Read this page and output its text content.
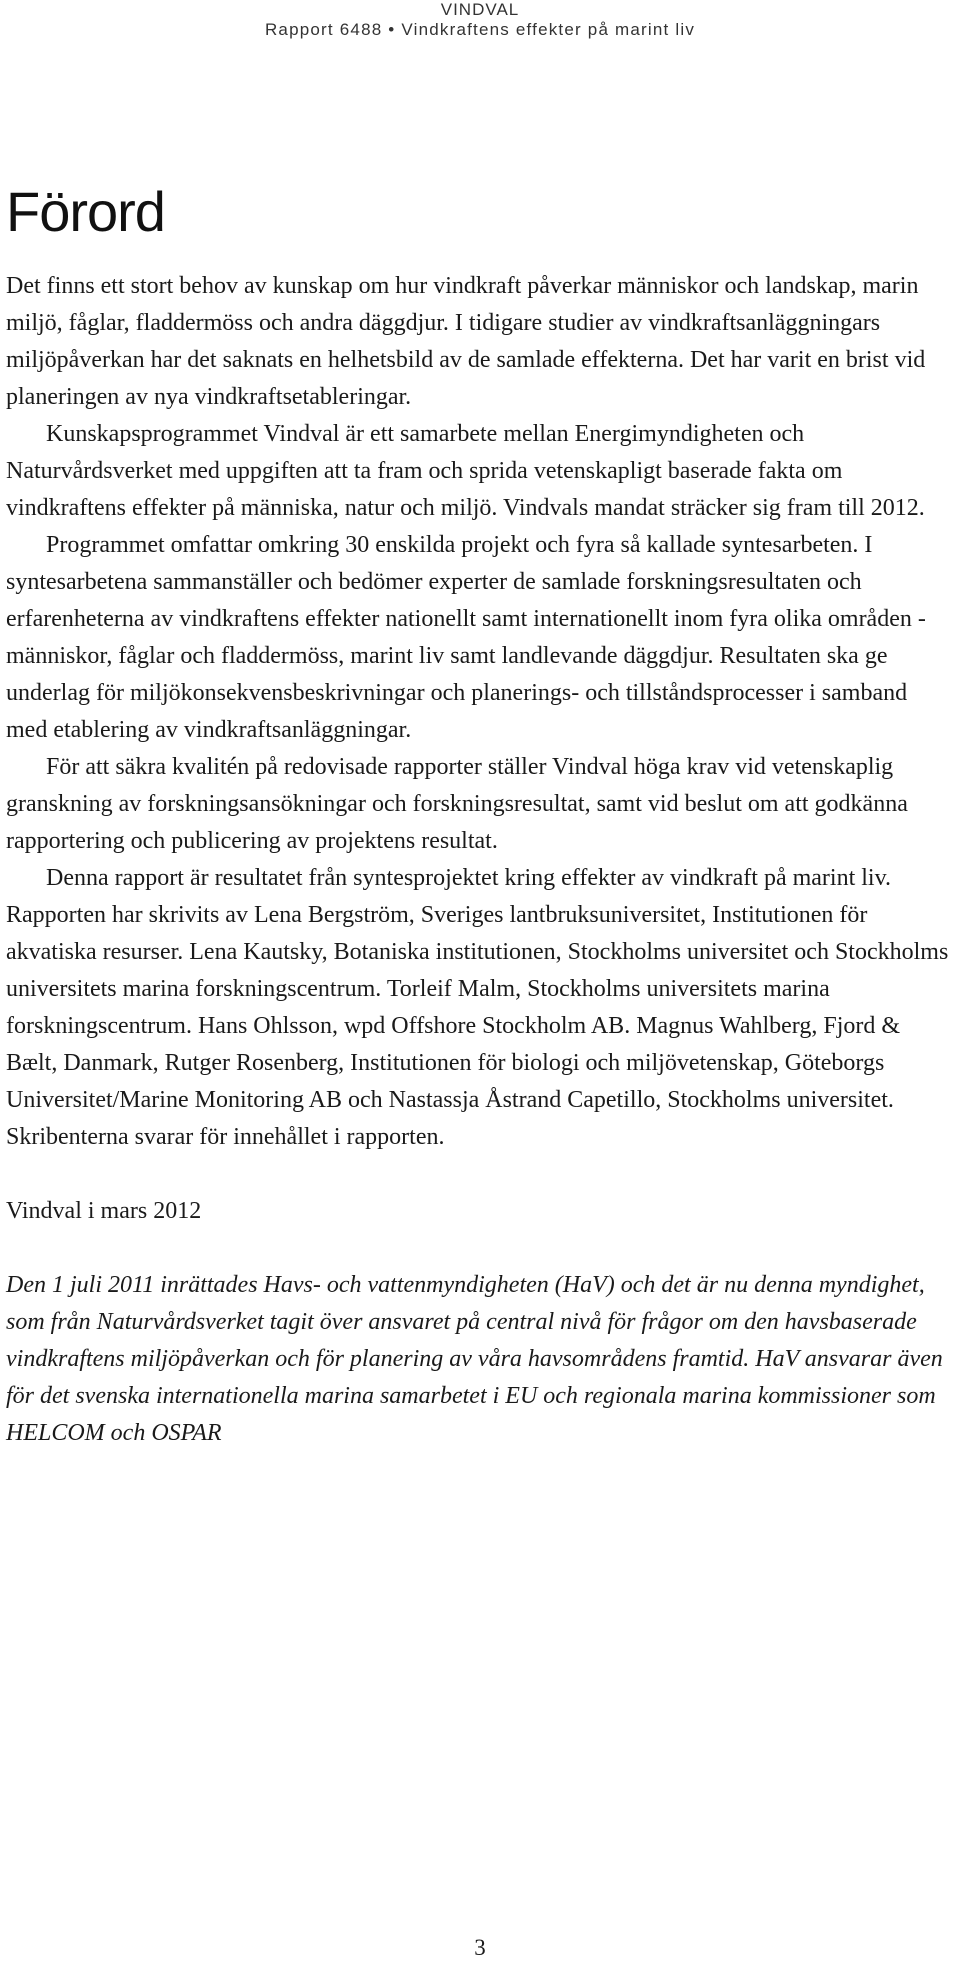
VINDVAL
Rapport 6488 • Vindkraftens effekter på marint liv
Förord

Det finns ett stort behov av kunskap om hur vindkraft påverkar människor och landskap, marin miljö, fåglar, fladdermöss och andra däggdjur. I tidigare studier av vindkraftsanläggningars miljöpåverkan har det saknats en helhetsbild av de samlade effekterna. Det har varit en brist vid planeringen av nya vindkraftsetableringar.

Kunskapsprogrammet Vindval är ett samarbete mellan Energimyndigheten och Naturvårdsverket med uppgiften att ta fram och sprida vetenskapligt baserade fakta om vindkraftens effekter på människa, natur och miljö. Vindvals mandat sträcker sig fram till 2012.

Programmet omfattar omkring 30 enskilda projekt och fyra så kallade syntesarbeten. I syntesarbetena sammanställer och bedömer experter de samlade forskningsresultaten och erfarenheterna av vindkraftens effekter nationellt samt internationellt inom fyra olika områden - människor, fåglar och fladdermöss, marint liv samt landlevande däggdjur. Resultaten ska ge underlag för miljökonsekvensbeskrivningar och planerings- och tillståndsprocesser i samband med etablering av vindkraftsanläggningar.

För att säkra kvalitén på redovisade rapporter ställer Vindval höga krav vid vetenskaplig granskning av forskningsansökningar och forskningsresultat, samt vid beslut om att godkänna rapportering och publicering av projektens resultat.

Denna rapport är resultatet från syntesprojektet kring effekter av vindkraft på marint liv. Rapporten har skrivits av Lena Bergström, Sveriges lantbruksuniversitet, Institutionen för akvatiska resurser. Lena Kautsky, Botaniska institutionen, Stockholms universitet och Stockholms universitets marina forskningscentrum. Torleif Malm, Stockholms universitets marina forskningscentrum. Hans Ohlsson, wpd Offshore Stockholm AB. Magnus Wahlberg, Fjord & Bælt, Danmark, Rutger Rosenberg, Institutionen för biologi och miljövetenskap, Göteborgs Universitet/Marine Monitoring AB och Nastassja Åstrand Capetillo, Stockholms universitet. Skribenterna svarar för innehållet i rapporten.

Vindval i mars 2012

Den 1 juli 2011 inrättades Havs- och vattenmyndigheten (HaV) och det är nu denna myndighet, som från Naturvårdsverket tagit över ansvaret på central nivå för frågor om den havsbaserade vindkraftens miljöpåverkan och för planering av våra havsområdens framtid. HaV ansvarar även för det svenska internationella marina samarbetet i EU och regionala marina kommissioner som HELCOM och OSPAR

3
